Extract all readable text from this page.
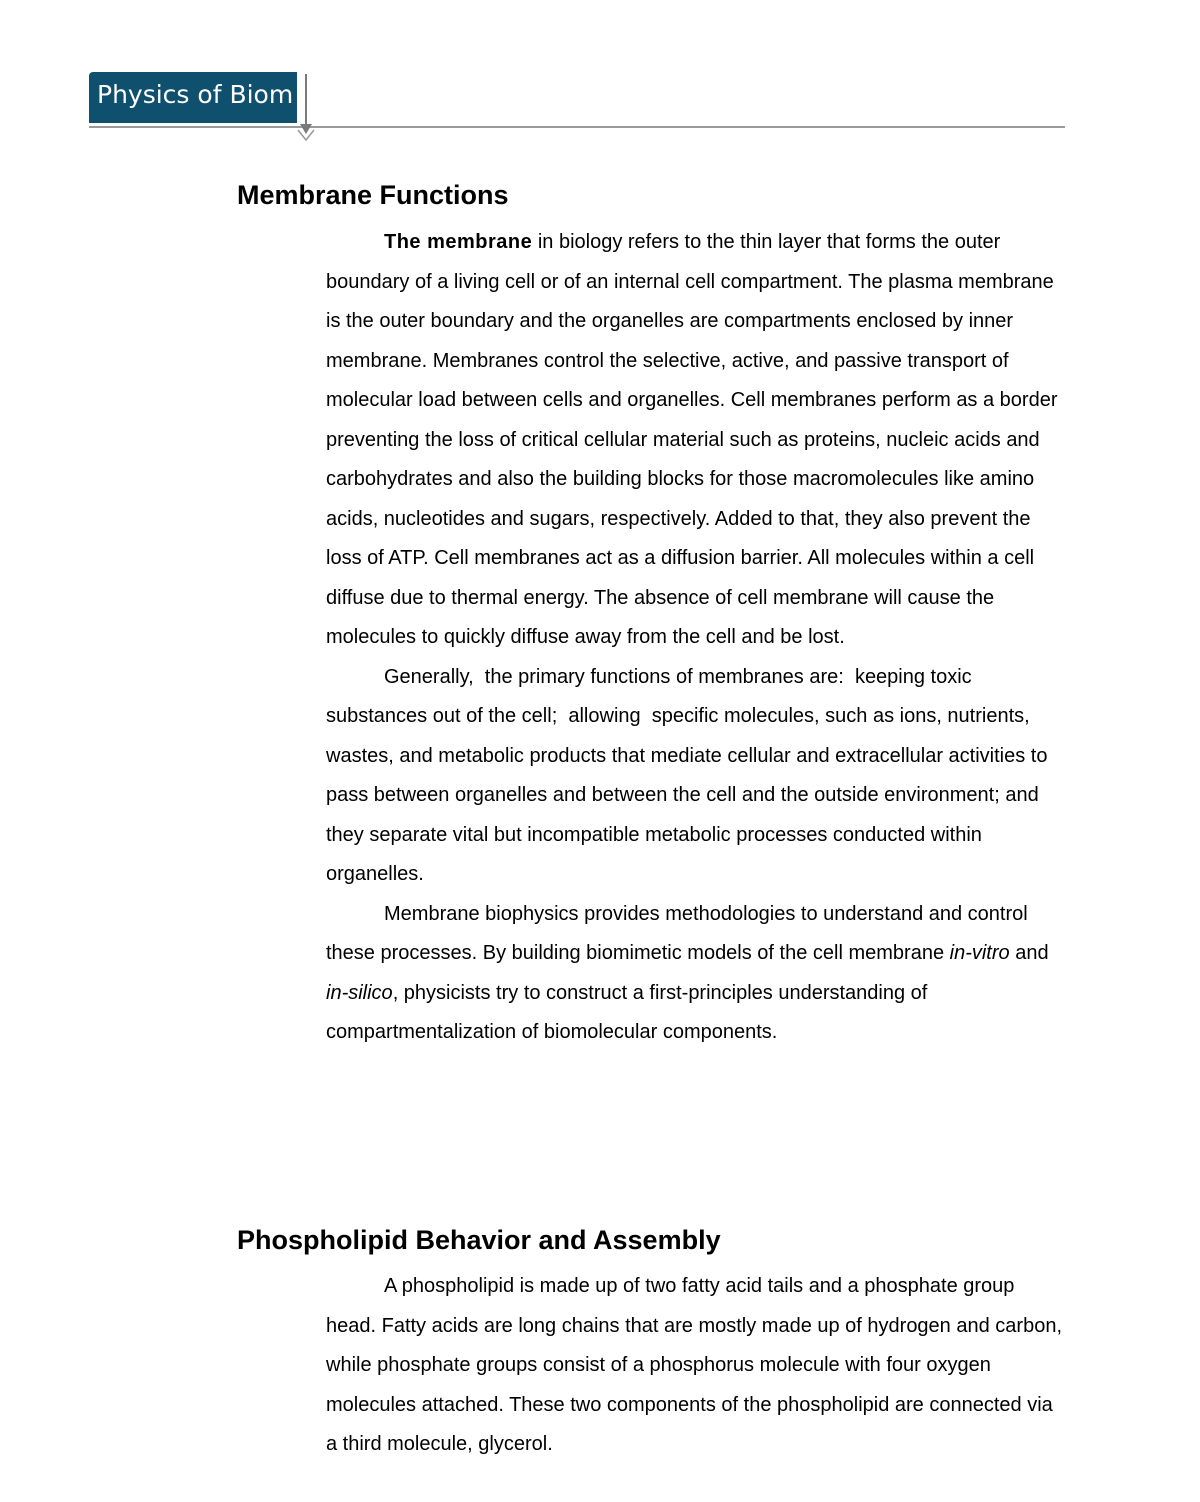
Physics of Biom
Membrane Functions

The membrane in biology refers to the thin layer that forms the outer boundary of a living cell or of an internal cell compartment. The plasma membrane is the outer boundary and the organelles are compartments enclosed by inner membrane. Membranes control the selective, active, and passive transport of molecular load between cells and organelles. Cell membranes perform as a border preventing the loss of critical cellular material such as proteins, nucleic acids and carbohydrates and also the building blocks for those macromolecules like amino acids, nucleotides and sugars, respectively. Added to that, they also prevent the loss of ATP. Cell membranes act as a diffusion barrier. All molecules within a cell diffuse due to thermal energy. The absence of cell membrane will cause the molecules to quickly diffuse away from the cell and be lost.

Generally,  the primary functions of membranes are:  keeping toxic substances out of the cell;  allowing  specific molecules, such as ions, nutrients, wastes, and metabolic products that mediate cellular and extracellular activities to pass between organelles and between the cell and the outside environment; and they separate vital but incompatible metabolic processes conducted within organelles.

Membrane biophysics provides methodologies to understand and control these processes. By building biomimetic models of the cell membrane in-vitro and in-silico, physicists try to construct a first-principles understanding of compartmentalization of biomolecular components.

Phospholipid Behavior and Assembly

A phospholipid is made up of two fatty acid tails and a phosphate group head. Fatty acids are long chains that are mostly made up of hydrogen and carbon, while phosphate groups consist of a phosphorus molecule with four oxygen molecules attached. These two components of the phospholipid are connected via a third molecule, glycerol.
